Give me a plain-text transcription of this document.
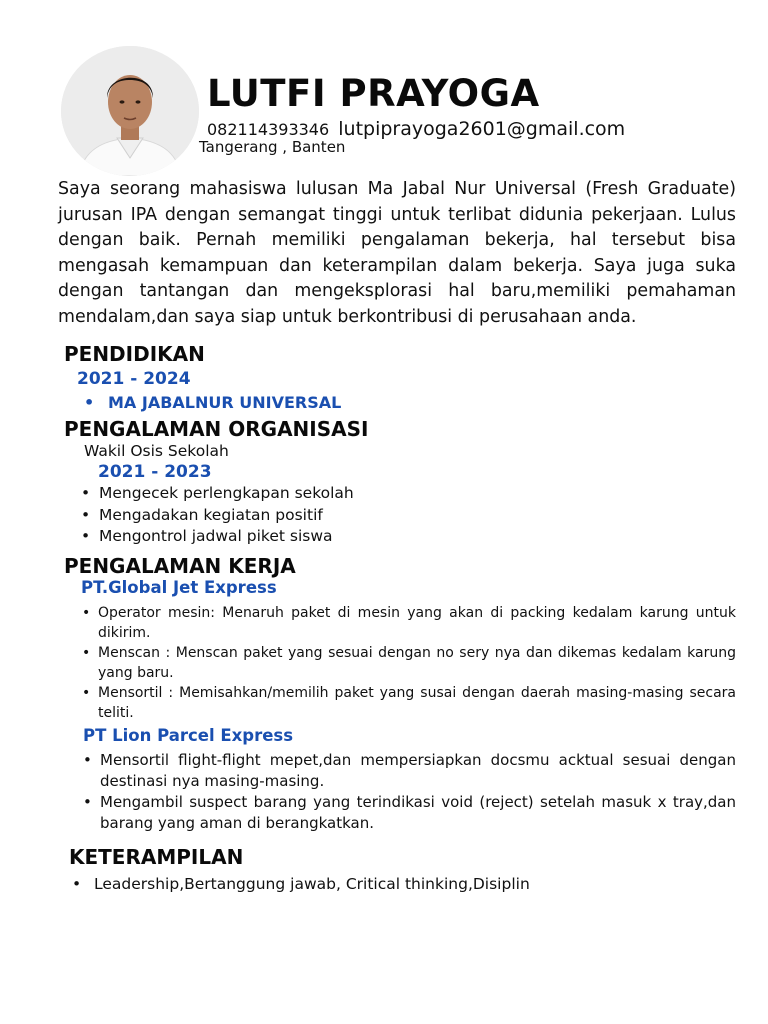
LUTFI PRAYOGA
082114393346 lutpiprayoga2601@gmail.com
Tangerang , Banten
Saya seorang mahasiswa lulusan Ma Jabal Nur Universal (Fresh Graduate) jurusan IPA dengan semangat tinggi untuk terlibat didunia pekerjaan. Lulus dengan baik. Pernah memiliki pengalaman bekerja, hal tersebut bisa mengasah kemampuan dan keterampilan dalam bekerja. Saya juga suka dengan tantangan dan mengeksplorasi hal baru,memiliki pemahaman mendalam,dan saya siap untuk berkontribusi di perusahaan anda.
PENDIDIKAN
2021 - 2024
• MA JABALNUR UNIVERSAL
PENGALAMAN ORGANISASI
Wakil Osis Sekolah
2021 - 2023
• Mengecek perlengkapan sekolah
• Mengadakan kegiatan positif
• Mengontrol jadwal piket siswa
PENGALAMAN KERJA
PT.Global Jet Express
• Operator mesin: Menaruh paket di mesin yang akan di packing kedalam karung untuk dikirim.
• Menscan : Menscan paket yang sesuai dengan no sery nya dan dikemas kedalam karung yang baru.
• Mensortil : Memisahkan/memilih paket yang susai dengan daerah masing-masing secara teliti.
PT Lion Parcel Express
• Mensortil flight-flight mepet,dan mempersiapkan docsmu acktual sesuai dengan destinasi nya masing-masing.
• Mengambil suspect barang yang terindikasi void (reject) setelah masuk x tray,dan barang yang aman di berangkatkan.
KETERAMPILAN
• Leadership,Bertanggung jawab, Critical thinking,Disiplin
